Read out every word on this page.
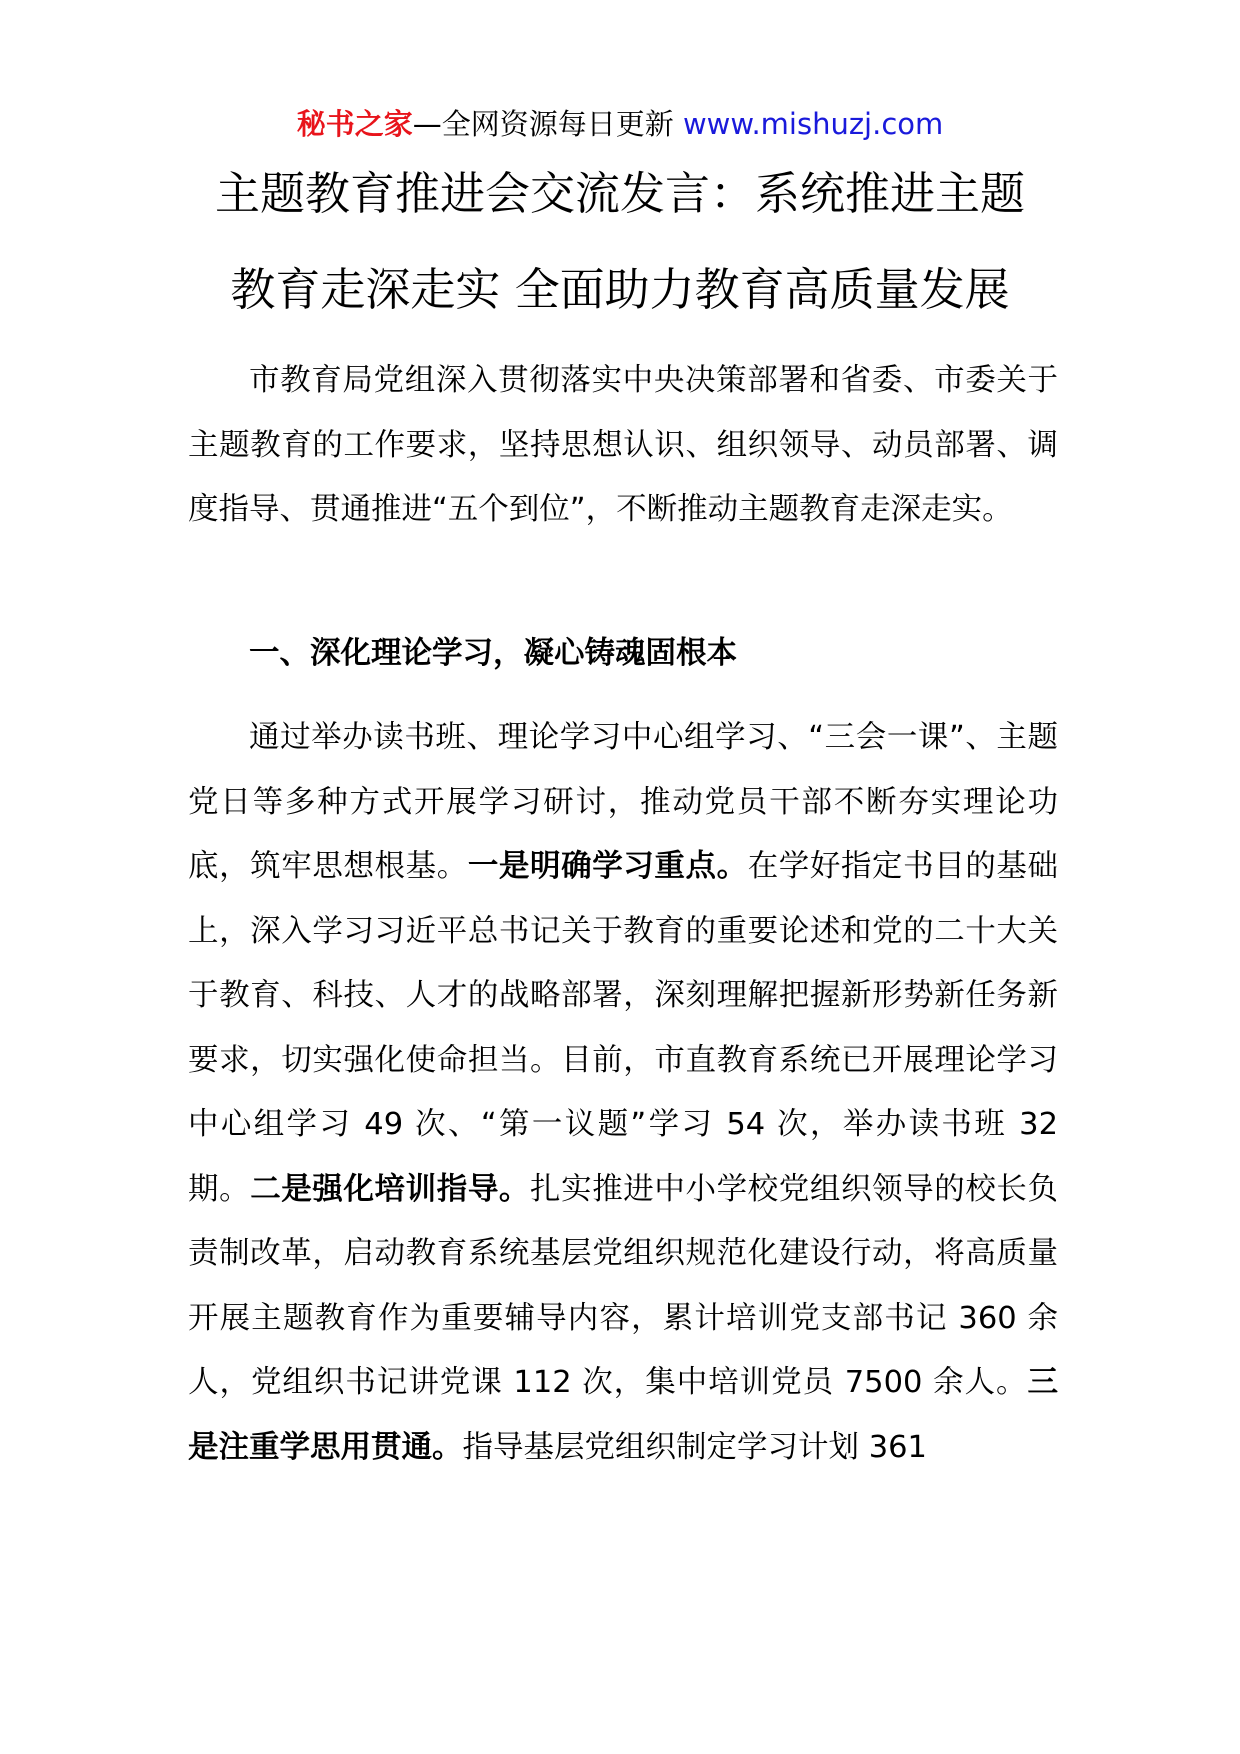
秘书之家—全网资源每日更新 www.mishuzj.com
主题教育推进会交流发言：系统推进主题
教育走深走实 全面助力教育高质量发展

市教育局党组深入贯彻落实中央决策部署和省委、市委关于主题教育的工作要求，坚持思想认识、组织领导、动员部署、调度指导、贯通推进“五个到位”，不断推动主题教育走深走实。

一、深化理论学习，凝心铸魂固根本

通过举办读书班、理论学习中心组学习、“三会一课”、主题党日等多种方式开展学习研讨，推动党员干部不断夯实理论功底，筑牢思想根基。一是明确学习重点。在学好指定书目的基础上，深入学习习近平总书记关于教育的重要论述和党的二十大关于教育、科技、人才的战略部署，深刻理解把握新形势新任务新要求，切实强化使命担当。目前，市直教育系统已开展理论学习中心组学习 49 次、“第一议题”学习 54 次，举办读书班 32 期。二是强化培训指导。扎实推进中小学校党组织领导的校长负责制改革，启动教育系统基层党组织规范化建设行动，将高质量开展主题教育作为重要辅导内容，累计培训党支部书记 360 余人，党组织书记讲党课 112 次，集中培训党员 7500 余人。三是注重学思用贯通。指导基层党组织制定学习计划 361
